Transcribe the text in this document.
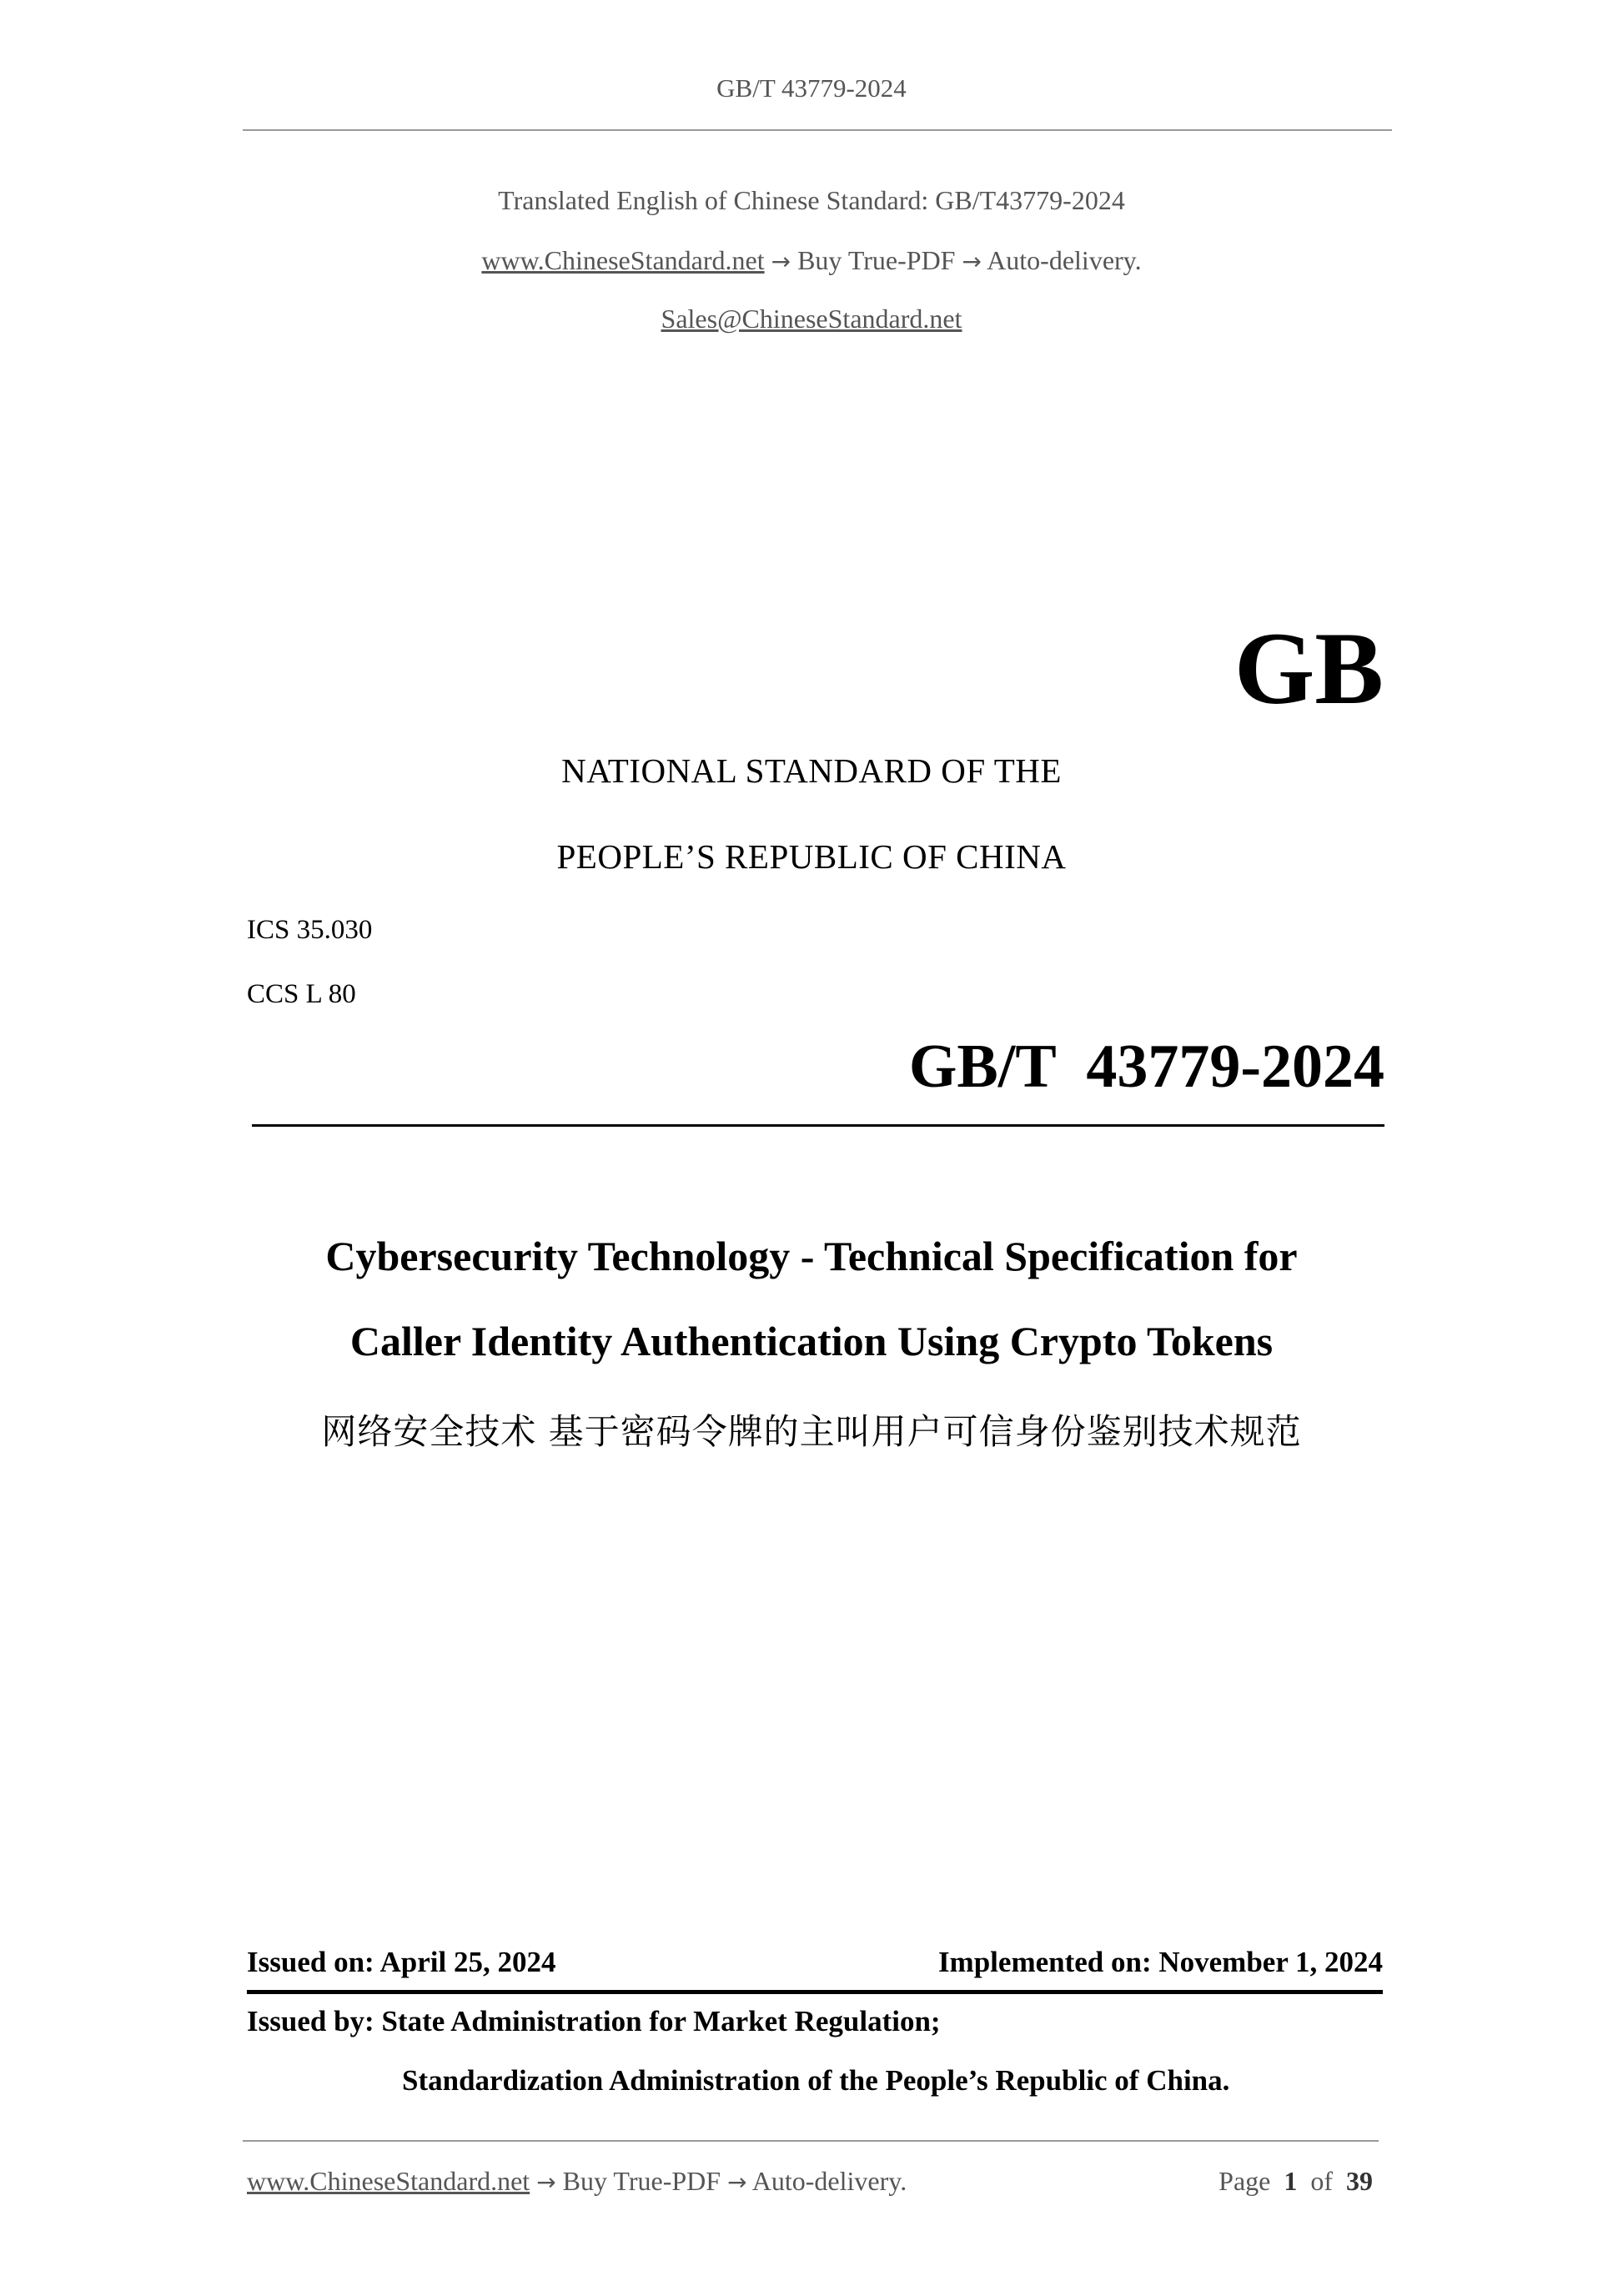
GB/T 43779-2024
Translated English of Chinese Standard: GB/T43779-2024
www.ChineseStandard.net → Buy True-PDF → Auto-delivery.
Sales@ChineseStandard.net
GB
NATIONAL STANDARD OF THE
PEOPLE’S REPUBLIC OF CHINA
ICS 35.030
CCS L 80
GB/T  43779-2024
Cybersecurity Technology - Technical Specification for
Caller Identity Authentication Using Crypto Tokens
网络安全技术 基于密码令牌的主叫用户可信身份鉴别技术规范
Issued on: April 25, 2024	Implemented on: November 1, 2024
Issued by: State Administration for Market Regulation;
Standardization Administration of the People’s Republic of China.
www.ChineseStandard.net → Buy True-PDF → Auto-delivery.	Page 1 of 39
